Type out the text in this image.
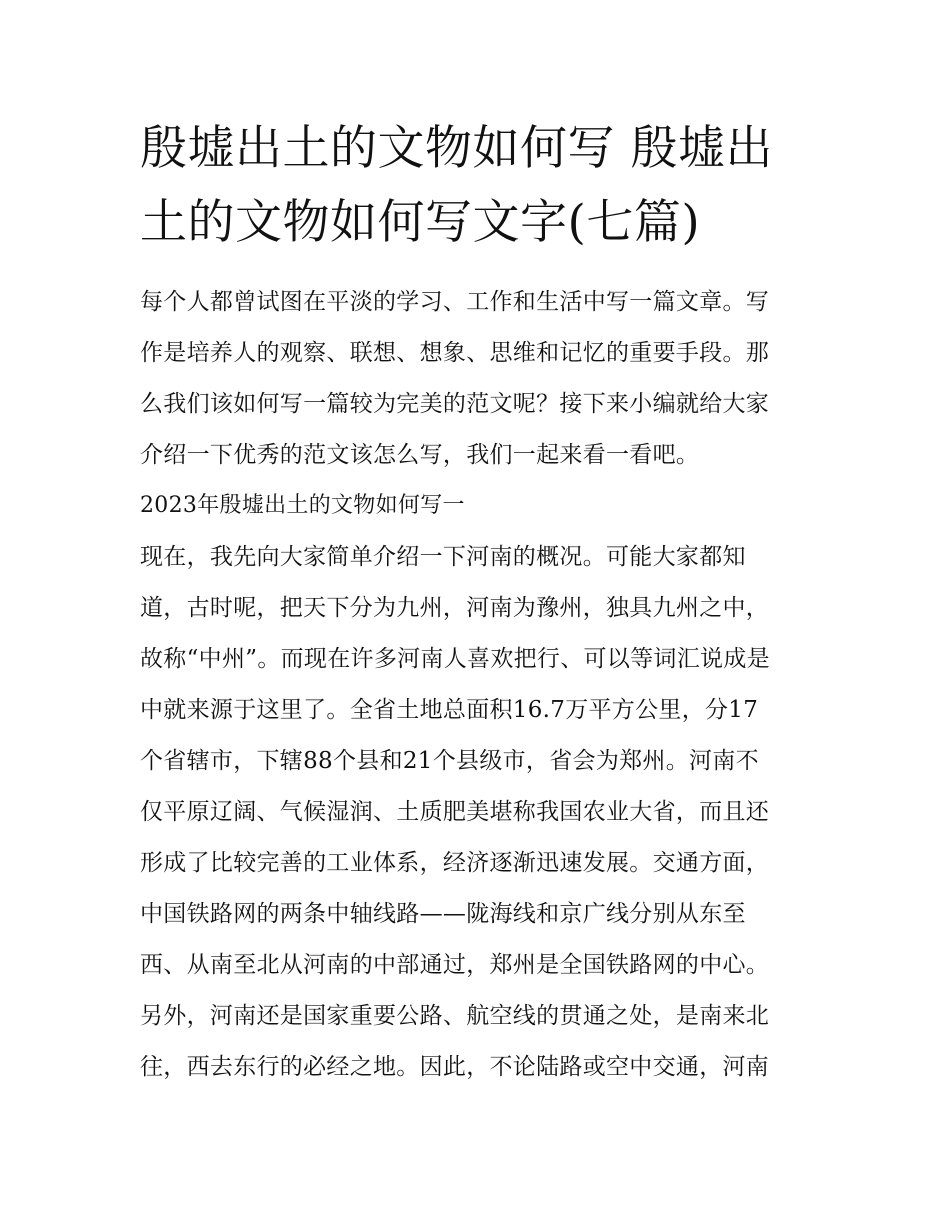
殷墟出土的文物如何写 殷墟出
土的文物如何写文字(七篇)
每个人都曾试图在平淡的学习、工作和生活中写一篇文章。写
作是培养人的观察、联想、想象、思维和记忆的重要手段。那
么我们该如何写一篇较为完美的范文呢？接下来小编就给大家
介绍一下优秀的范文该怎么写，我们一起来看一看吧。
2023年殷墟出土的文物如何写一
现在，我先向大家简单介绍一下河南的概况。可能大家都知
道，古时呢，把天下分为九州，河南为豫州，独具九州之中，
故称“中州”。而现在许多河南人喜欢把行、可以等词汇说成是
中就来源于这里了。全省土地总面积16.7万平方公里，分17
个省辖市，下辖88个县和21个县级市，省会为郑州。河南不
仅平原辽阔、气候湿润、土质肥美堪称我国农业大省，而且还
形成了比较完善的工业体系，经济逐渐迅速发展。交通方面，
中国铁路网的两条中轴线路——陇海线和京广线分别从东至
西、从南至北从河南的中部通过，郑州是全国铁路网的中心。
另外，河南还是国家重要公路、航空线的贯通之处，是南来北
往，西去东行的必经之地。因此，不论陆路或空中交通，河南
